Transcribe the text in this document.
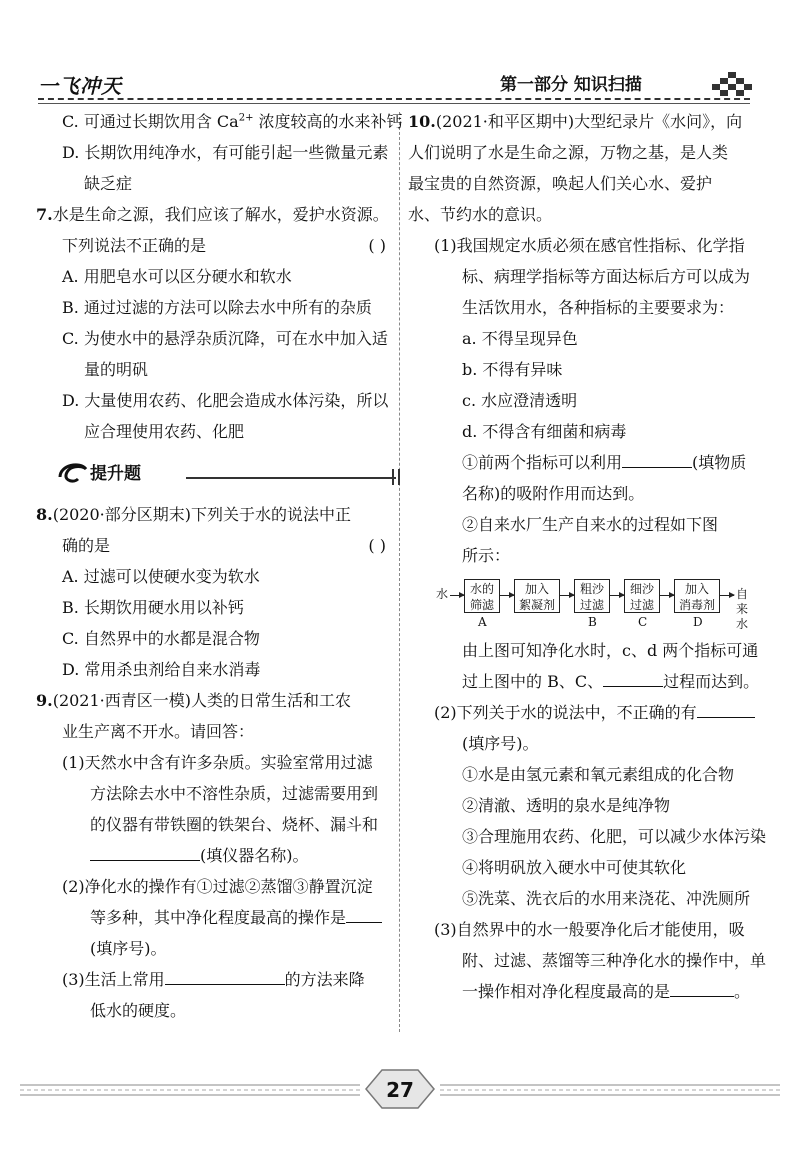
一飞冲天	第一部分 知识扫描
C. 可通过长期饮用含 $Ca^{2+}$ 浓度较高的水来补钙
D. 长期饮用纯净水，有可能引起一些微量元素
缺乏症
7.水是生命之源，我们应该了解水，爱护水资源。
下列说法不正确的是	( )
A. 用肥皂水可以区分硬水和软水
B. 通过过滤的方法可以除去水中所有的杂质
C. 为使水中的悬浮杂质沉降，可在水中加入适
量的明矾
D. 大量使用农药、化肥会造成水体污染，所以
应合理使用农药、化肥
提升题
8.(2020·部分区期末)下列关于水的说法中正
确的是	( )
A. 过滤可以使硬水变为软水
B. 长期饮用硬水用以补钙
C. 自然界中的水都是混合物
D. 常用杀虫剂给自来水消毒
9.(2021·西青区一模)人类的日常生活和工农
业生产离不开水。请回答：
(1)天然水中含有许多杂质。实验室常用过滤
方法除去水中不溶性杂质，过滤需要用到
的仪器有带铁圈的铁架台、烧杯、漏斗和
(填仪器名称)。
(2)净化水的操作有①过滤②蒸馏③静置沉淀
等多种，其中净化程度最高的操作是
(填序号)。
(3)生活上常用	的方法来降
低水的硬度。
10.(2021·和平区期中)大型纪录片《水问》，向
人们说明了水是生命之源，万物之基，是人类
最宝贵的自然资源，唤起人们关心水、爱护
水、节约水的意识。
(1)我国规定水质必须在感官性指标、化学指
标、病理学指标等方面达标后方可以成为
生活饮用水，各种指标的主要要求为：
a. 不得呈现异色
b. 不得有异味
c. 水应澄清透明
d. 不得含有细菌和病毒
①前两个指标可以利用	(填物质
名称)的吸附作用而达到。
②自来水厂生产自来水的过程如下图
所示：
水	水的
筛滤
A
加入
絮凝剂
粗沙
过滤
B
细沙
过滤
C
加入
消毒剂
D
自来水
由上图可知净化水时，c、d 两个指标可通
过上图中的 B、C、	过程而达到。
(2)下列关于水的说法中，不正确的有
(填序号)。
①水是由氢元素和氧元素组成的化合物
②清澈、透明的泉水是纯净物
③合理施用农药、化肥，可以减少水体污染
④将明矾放入硬水中可使其软化
⑤洗菜、洗衣后的水用来浇花、冲洗厕所
(3)自然界中的水一般要净化后才能使用，吸
附、过滤、蒸馏等三种净化水的操作中，单
一操作相对净化程度最高的是	。
27
